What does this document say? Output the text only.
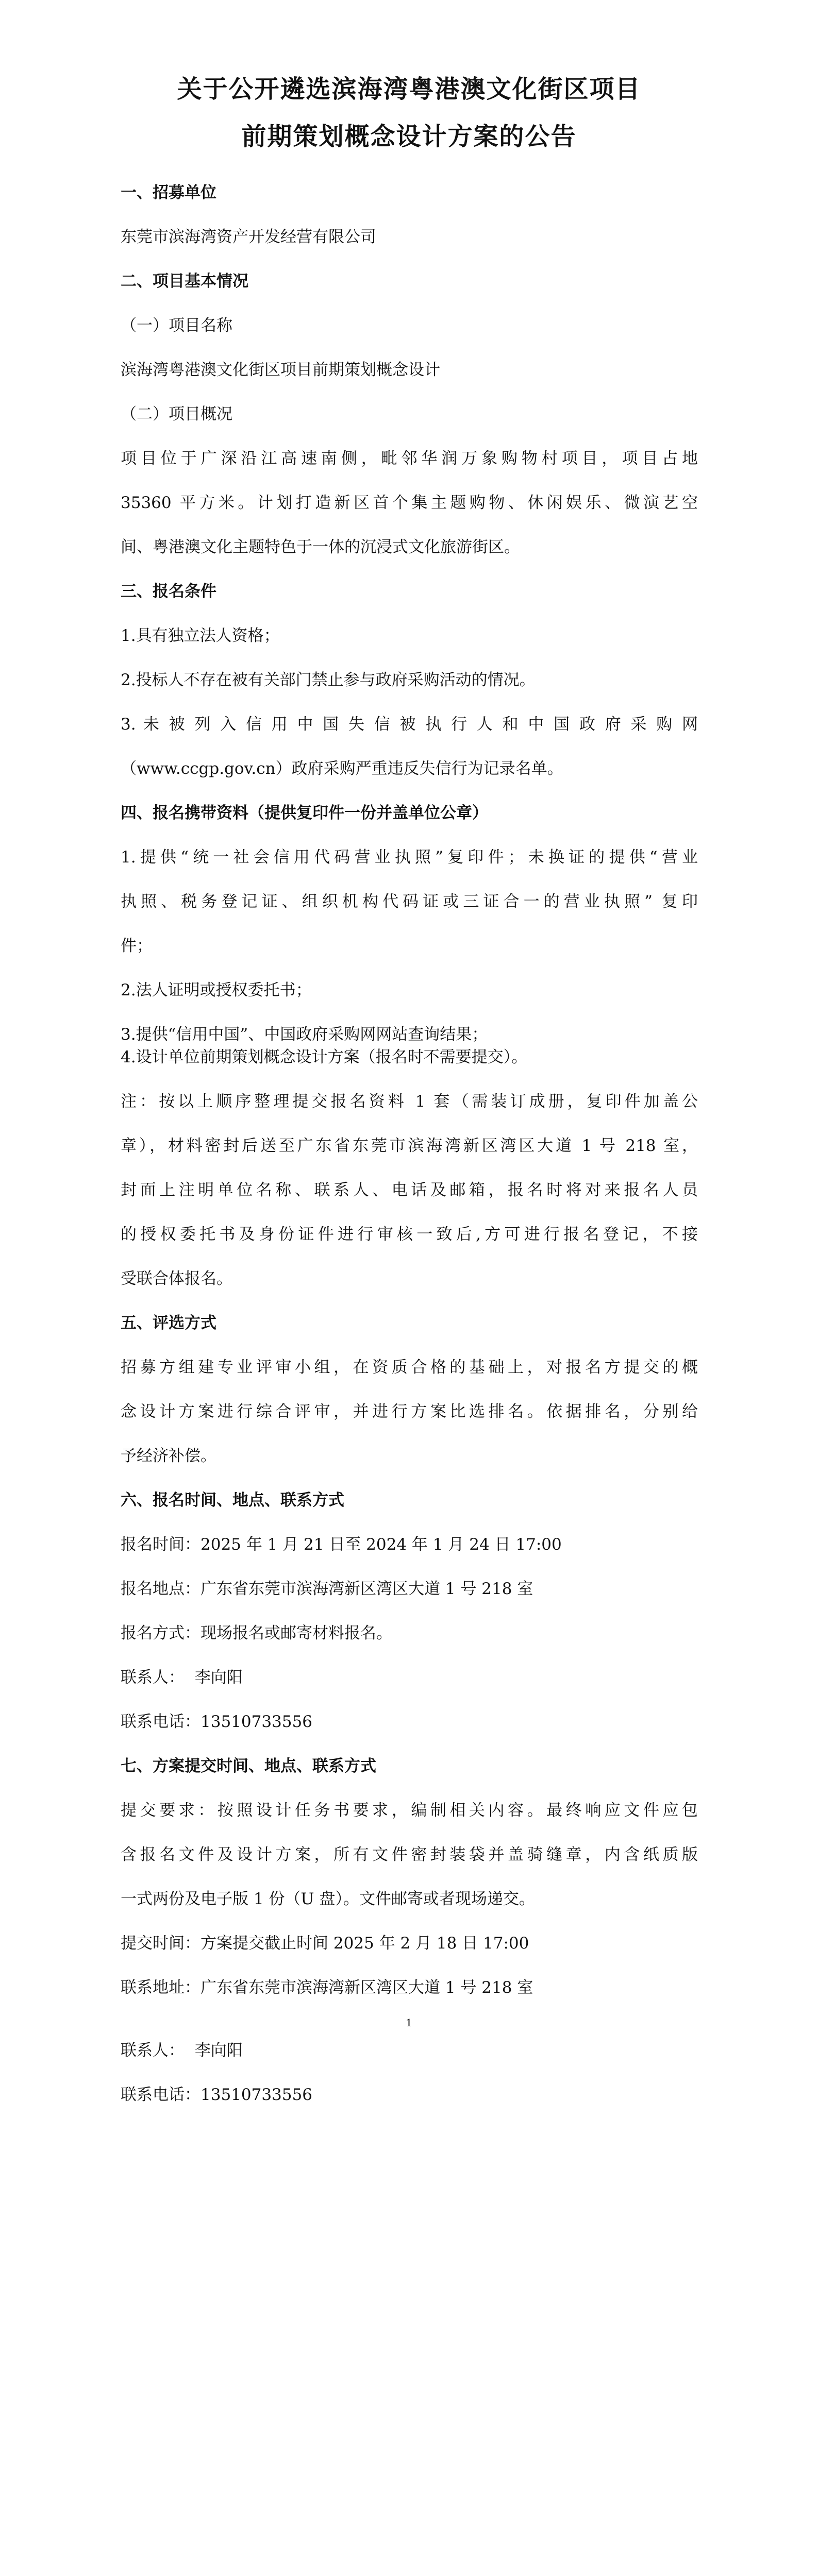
关于公开遴选滨海湾粤港澳文化街区项目
前期策划概念设计方案的公告
一、招募单位
东莞市滨海湾资产开发经营有限公司
二、项目基本情况
（一）项目名称
滨海湾粤港澳文化街区项目前期策划概念设计
（二）项目概况
项目位于广深沿江高速南侧，毗邻华润万象购物村项目，项目占地
35360 平方米。计划打造新区首个集主题购物、休闲娱乐、微演艺空
间、粤港澳文化主题特色于一体的沉浸式文化旅游街区。
三、报名条件
1.具有独立法人资格；
2.投标人不存在被有关部门禁止参与政府采购活动的情况。
3. 未 被 列 入 信 用 中 国 失 信 被 执 行 人 和 中 国 政 府 采 购 网
（www.ccgp.gov.cn）政府采购严重违反失信行为记录名单。
四、报名携带资料（提供复印件一份并盖单位公章）
1.提供“统一社会信用代码营业执照”复印件；未换证的提供“营业
执照、税务登记证、组织机构代码证或三证合一的营业执照” 复印
件；
2.法人证明或授权委托书；
3.提供“信用中国”、中国政府采购网网站查询结果；
4.设计单位前期策划概念设计方案（报名时不需要提交）。
注：按以上顺序整理提交报名资料 1 套（需装订成册，复印件加盖公
章），材料密封后送至广东省东莞市滨海湾新区湾区大道 1 号 218 室，
封面上注明单位名称、联系人、电话及邮箱，报名时将对来报名人员
的授权委托书及身份证件进行审核一致后,方可进行报名登记，不接
受联合体报名。
五、评选方式
招募方组建专业评审小组，在资质合格的基础上，对报名方提交的概
念设计方案进行综合评审，并进行方案比选排名。依据排名，分别给
予经济补偿。
六、报名时间、地点、联系方式
报名时间：2025 年 1 月 21 日至 2024 年 1 月 24 日 17:00
报名地点：广东省东莞市滨海湾新区湾区大道 1 号 218 室
报名方式：现场报名或邮寄材料报名。
联系人：  李向阳
联系电话：13510733556
七、方案提交时间、地点、联系方式
提交要求：按照设计任务书要求，编制相关内容。最终响应文件应包
含报名文件及设计方案，所有文件密封装袋并盖骑缝章，内含纸质版
一式两份及电子版 1 份（U 盘）。文件邮寄或者现场递交。
提交时间：方案提交截止时间 2025 年 2 月 18 日 17:00
联系地址：广东省东莞市滨海湾新区湾区大道 1 号 218 室
1
联系人：  李向阳
联系电话：13510733556
